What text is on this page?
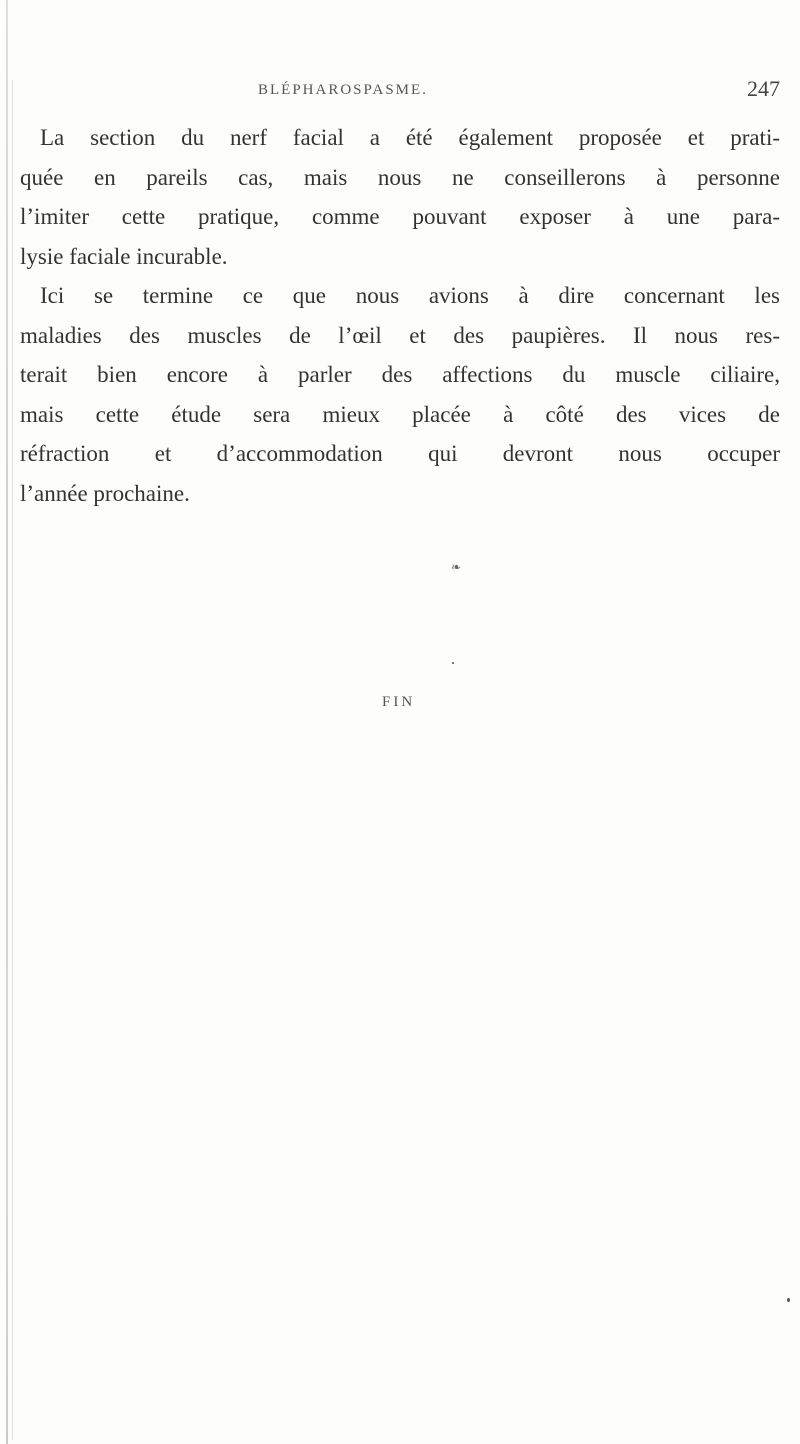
BLÉPHAROSPASME.	247
La section du nerf facial a été également proposée et prati-
quée en pareils cas, mais nous ne conseillerons à personne
l’imiter cette pratique, comme pouvant exposer à une para-
lysie faciale incurable.
Ici se termine ce que nous avions à dire concernant les
maladies des muscles de l’œil et des paupières. Il nous res-
terait bien encore à parler des affections du muscle ciliaire,
mais cette étude sera mieux placée à côté des vices de
réfraction et d’accommodation qui devront nous occuper
l’année prochaine.
❧
FIN
